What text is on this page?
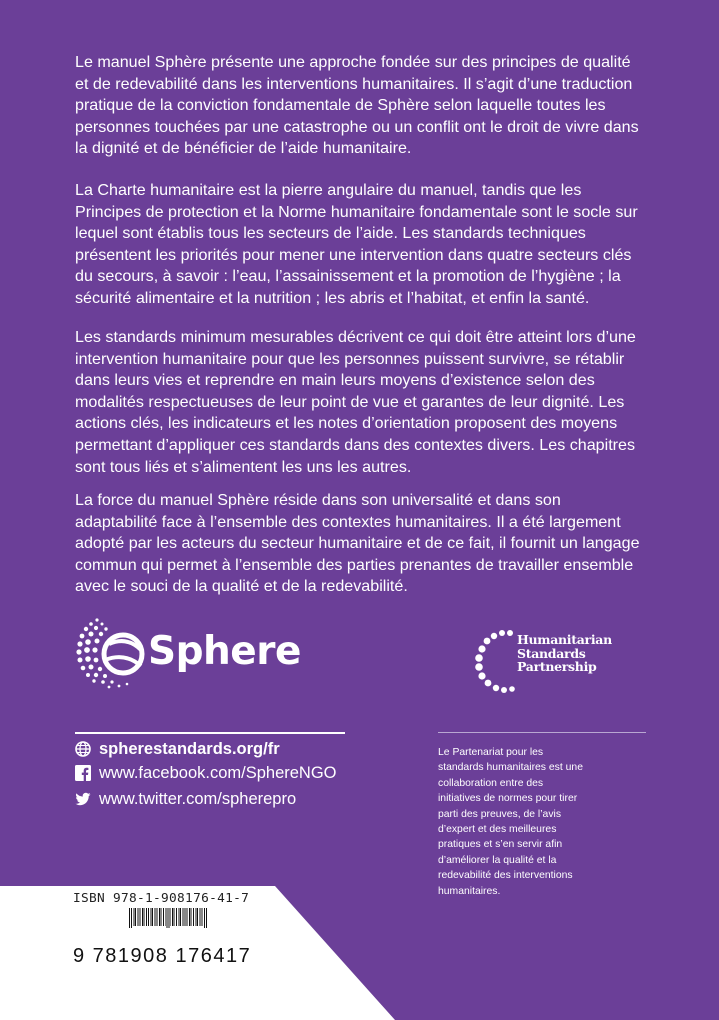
Le manuel Sphère présente une approche fondée sur des principes de qualité et de redevabilité dans les interventions humanitaires. Il s’agit d’une traduction pratique de la conviction fondamentale de Sphère selon laquelle toutes les personnes touchées par une catastrophe ou un conflit ont le droit de vivre dans la dignité et de bénéficier de l’aide humanitaire.

La Charte humanitaire est la pierre angulaire du manuel, tandis que les Principes de protection et la Norme humanitaire fondamentale sont le socle sur lequel sont établis tous les secteurs de l’aide. Les standards techniques présentent les priorités pour mener une intervention dans quatre secteurs clés du secours, à savoir : l’eau, l’assainissement et la promotion de l’hygiène ; la sécurité alimentaire et la nutrition ; les abris et l’habitat, et enfin la santé.

Les standards minimum mesurables décrivent ce qui doit être atteint lors d’une intervention humanitaire pour que les personnes puissent survivre, se rétablir dans leurs vies et reprendre en main leurs moyens d’existence selon des modalités respectueuses de leur point de vue et garantes de leur dignité. Les actions clés, les indicateurs et les notes d’orientation proposent des moyens permettant d’appliquer ces standards dans des contextes divers. Les chapitres sont tous liés et s’alimentent les uns les autres.

La force du manuel Sphère réside dans son universalité et dans son adaptabilité face à l’ensemble des contextes humanitaires. Il a été largement adopté par les acteurs du secteur humanitaire et de ce fait, il fournit un langage commun qui permet à l’ensemble des parties prenantes de travailler ensemble avec le souci de la qualité et de la redevabilité.

Sphere	Humanitarian
Standards
Partnership
spherestandards.org/fr
www.facebook.com/SphereNGO
www.twitter.com/spherepro
Le Partenariat pour les standards humanitaires est une collaboration entre des initiatives de normes pour tirer parti des preuves, de l’avis d’expert et des meilleures pratiques et s’en servir afin d’améliorer la qualité et la redevabilité des interventions humanitaires.
ISBN 978-1-908176-41-7
9 781908 176417
